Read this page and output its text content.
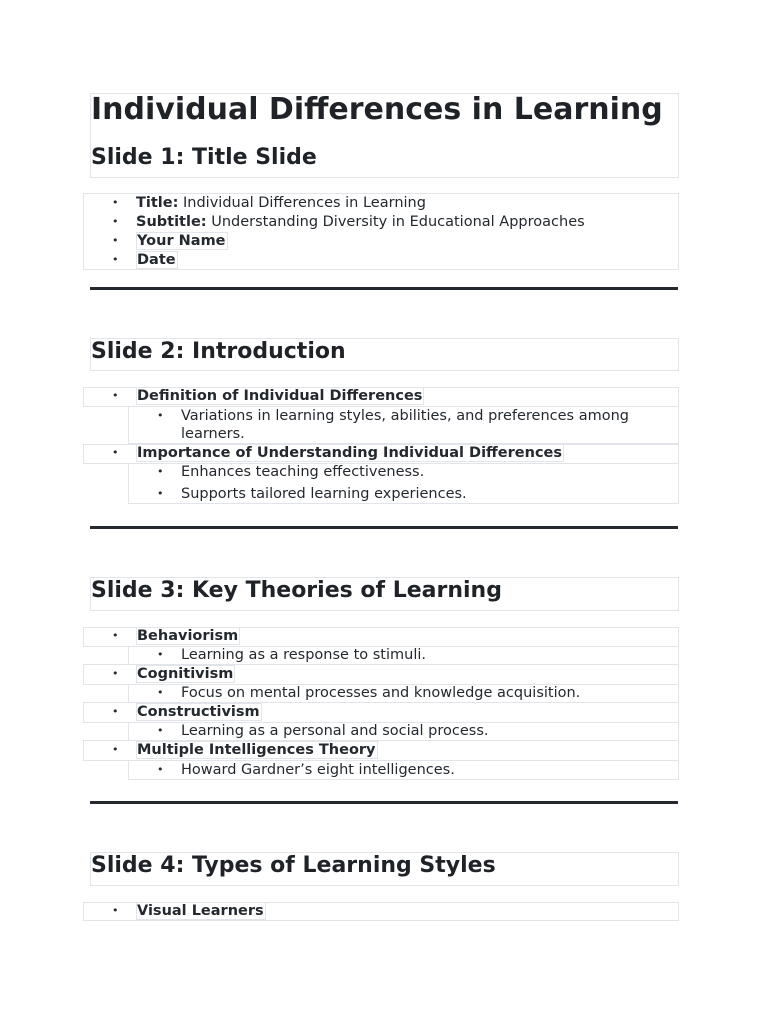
Individual Differences in Learning
Slide 1: Title Slide
• Title: Individual Differences in Learning
• Subtitle: Understanding Diversity in Educational Approaches
• Your Name
• Date
Slide 2: Introduction
• Definition of Individual Differences
• Variations in learning styles, abilities, and preferences among
learners.
• Importance of Understanding Individual Differences
• Enhances teaching effectiveness.
• Supports tailored learning experiences.
Slide 3: Key Theories of Learning
• Behaviorism
• Learning as a response to stimuli.
• Cognitivism
• Focus on mental processes and knowledge acquisition.
• Constructivism
• Learning as a personal and social process.
• Multiple Intelligences Theory
• Howard Gardner’s eight intelligences.
Slide 4: Types of Learning Styles
• Visual Learners
